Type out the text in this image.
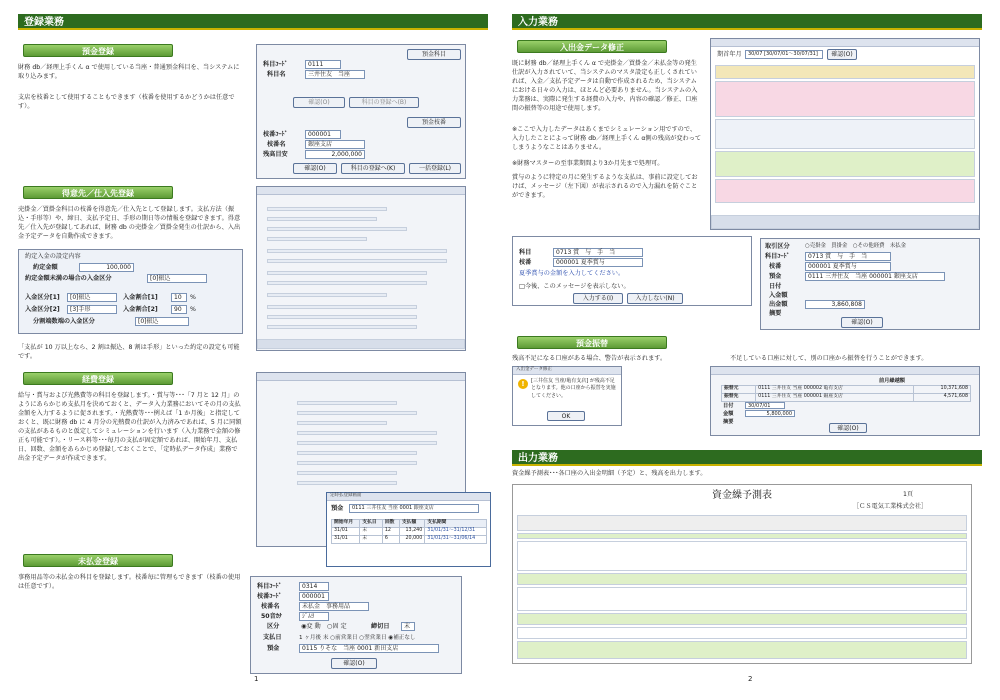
登録業務
預金登録
財務 db／経理上手くん α で使用している当座・普通預金科目を、当システムに取り込みます。
支店を枝番として使用することもできます（枝番を使用するかどうかは任意です）。
預金科目
科目ｺｰﾄﾞ	0111
科目名	三井住友　当座
確認(O)	科目の登録へ(B)
預金枝番
枝番ｺｰﾄﾞ	000001
枝番名	銀座支店
残高目安	2,000,000
確認(O)	科目の登録へ(K)	一括登録(L)
得意先／仕入先登録
売掛金／買掛金科目の枝番を得意先／仕入先として登録します。支払方法（振込・手形等）や、締日、支払予定日、手形の期日等の情報を登録できます。得意先／仕入先が登録してあれば、財務 db の売掛金／買掛金発生の仕訳から、入出金予定データを自動作成できます。
約定入金の設定内容
約定金額	100,000
約定金額未満の場合の入金区分	[0]振込
入金区分[1]	[0]振込	入金割合[1]	10	%
入金区分[2]	[3]手形	入金割合[2]	90	%
分割端数端の入金区分	[0]振込
「支払が 10 万以上なら、2 割は振込、8 割は手形」といった約定の設定も可能です。
経費登録
給与・賞与および光熱費等の科目を登録します。・賞与等･･･「7 月と 12 月」のようにあらかじめ支払月を決めておくと、データ入力業務においてその月の支払金額を入力するように促されます。・光熱費等･･･例えば「1 か月後」と指定しておくと、既に財務 db に 4 月分の光熱費の仕訳が入力済みであれば、5 月に同額の支払があるものと仮定してシミュレーションを行います（入力業務で金額の修正も可能です）。・リース料等･･･毎月の支払が固定額であれば、開始年月、支払日、回数、金額をあらかじめ登録しておくことで、「定時払データ作成」業務で出金予定データが作成できます。
定時払登録画面
預金	0111 三井住友 当座 0001 銀座支店
開始年月	支払日	回数	支払額	支払期間
31/01	末	12	13,240	31/01/31～31/12/31
31/01	末	6	20,000	31/01/31～31/06/14
未払金登録
事務用品等の未払金の科目を登録します。枝番毎に管理もできます（枝番の使用は任意です）。	科目ｺｰﾄﾞ	0314
枝番ｺｰﾄﾞ	000001
枝番名	未払金　事務用品
50音ｶﾅ	ｼﾞﾑﾖ
区分	◉変 動　○固 定	締切日	末
支払日	1 ヶ月後 末 ○前営業日 ○翌営業日 ◉補正なし
預金	0115 りそな　当座 0001 新田支店
確認(O)
1
入力業務
入出金データ修正
既に財務 db／経理上手くん α で売掛金／買掛金／未払金等の発生仕訳が入力されていて、当システムのマスタ設定も正しくされていれば、入金／支払予定データは自動で作成されるため、当システムにおける日々の入力は、ほとんど必要ありません。当システムの入力業務は、実際に発生する経費の入力や、内容の確認／修正、口座間の振替等の用途で使用します。
※ここで入力したデータはあくまでシミュレーション用ですので、入力したことによって財務 db／経理上手くん α側の残高が変わってしまうようなことはありません。
※財務マスターの至事業期間より3か月先まで処理可。
賞与のように特定の月に発生するような支払は、事前に設定しておけば、メッセージ（左下図）が表示されるので入力漏れを防ぐことができます。
期首年月	30/07 [30/07/01～30/07/31]	確認(O)
科目	0713 賞　与　手　当
枝番	000001 夏季賞与
夏季賞与の金額を入力してください。
□今後、このメッセージを表示しない。
入力する(I)	入力しない(N)
取引区分	○売掛金　買掛金　○その他経費　未払金
科目ｺｰﾄﾞ	0713 賞　与　手　当
枝番	000001 夏季賞与
預金	0111 三井住友　当座 000001 銀座支店
日付
入金額
出金額	3,860,808
摘要
確認(O)
預金振替
残高不足になる口座がある場合、警告が表示されます。	不足している口座に対して、別の口座から振替を行うことができます。
入出金データ修正
!	[三井住友 当座/亀有支店] が残高不足となります。他の口座から振替を実施してください。
OK
前月繰越額
振替元	0111 三井住友 当座 000002 亀有支店	10,371,608
振替先	0111 三井住友 当座 000001 銀座支店	4,571,608
日付	30/07/01
金額	5,800,000
摘要
確認(O)
出力業務
資金繰予測表･･･各口座の入出金明細（予定）と、残高を出力します。
資金繰予測表	1頁
［ＣＳ電気工業株式会社］
2
